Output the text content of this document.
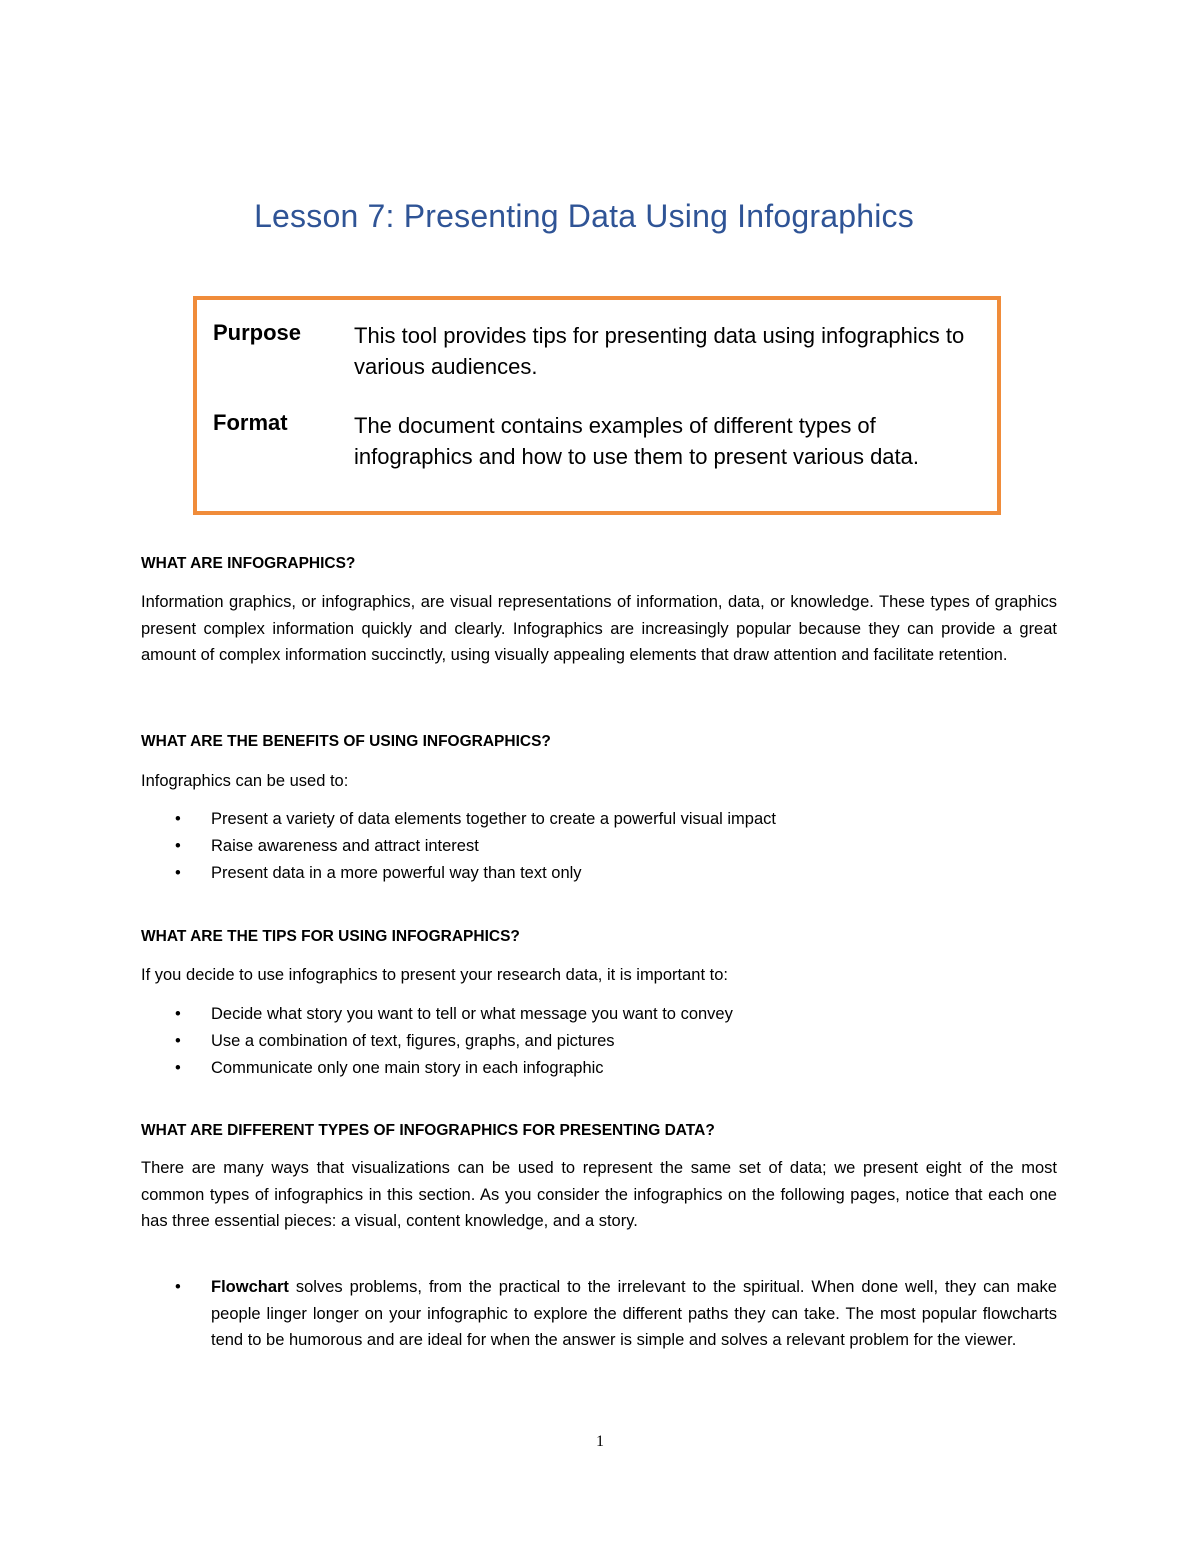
Lesson 7: Presenting Data Using Infographics
Purpose This tool provides tips for presenting data using infographics to various audiences.
Format	The document contains examples of different types of infographics and how to use them to present various data.

WHAT ARE INFOGRAPHICS?

Information graphics, or infographics, are visual representations of information, data, or knowledge. These types of graphics present complex information quickly and clearly. Infographics are increasingly popular because they can provide a great amount of complex information succinctly, using visually appealing elements that draw attention and facilitate retention.

WHAT ARE THE BENEFITS OF USING INFOGRAPHICS?

Infographics can be used to:

• Present a variety of data elements together to create a powerful visual impact
• Raise awareness and attract interest
• Present data in a more powerful way than text only

WHAT ARE THE TIPS FOR USING INFOGRAPHICS?

If you decide to use infographics to present your research data, it is important to:

• Decide what story you want to tell or what message you want to convey
• Use a combination of text, figures, graphs, and pictures
• Communicate only one main story in each infographic

WHAT ARE DIFFERENT TYPES OF INFOGRAPHICS FOR PRESENTING DATA?

There are many ways that visualizations can be used to represent the same set of data; we present eight of the most common types of infographics in this section. As you consider the infographics on the following pages, notice that each one has three essential pieces: a visual, content knowledge, and a story.

• Flowchart solves problems, from the practical to the irrelevant to the spiritual. When done well, they can make people linger longer on your infographic to explore the different paths they can take. The most popular flowcharts tend to be humorous and are ideal for when the answer is simple and solves a relevant problem for the viewer.
1
